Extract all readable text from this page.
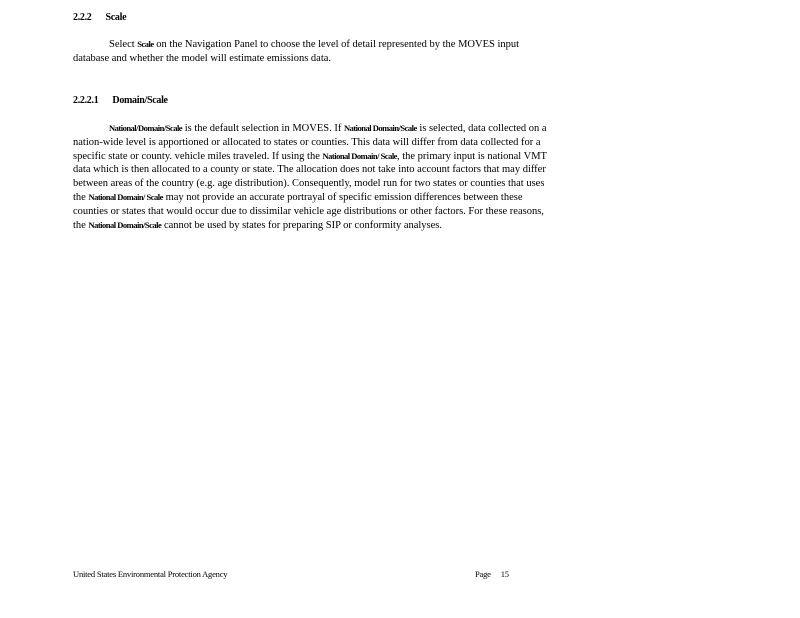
2.2.2 Scale

Select Scale on the Navigation Panel to choose the level of detail represented by the MOVES input database and whether the model will estimate emissions data.

2.2.2.1 Domain/Scale

National/Domain/Scale is the default selection in MOVES. If National Domain/Scale is selected, data collected on a nation-wide level is apportioned or allocated to states or counties. This data will differ from data collected for a specific state or county. vehicle miles traveled. If using the National Domain/ Scale, the primary input is national VMT data which is then allocated to a county or state. The allocation does not take into account factors that may differ between areas of the country (e.g. age distribution). Consequently, model run for two states or counties that uses the National Domain/ Scale may not provide an accurate portrayal of specific emission differences between these counties or states that would occur due to dissimilar vehicle age distributions or other factors. For these reasons, the National Domain/Scale cannot be used by states for preparing SIP or conformity analyses.

United States Environmental Protection Agency	Page 15
